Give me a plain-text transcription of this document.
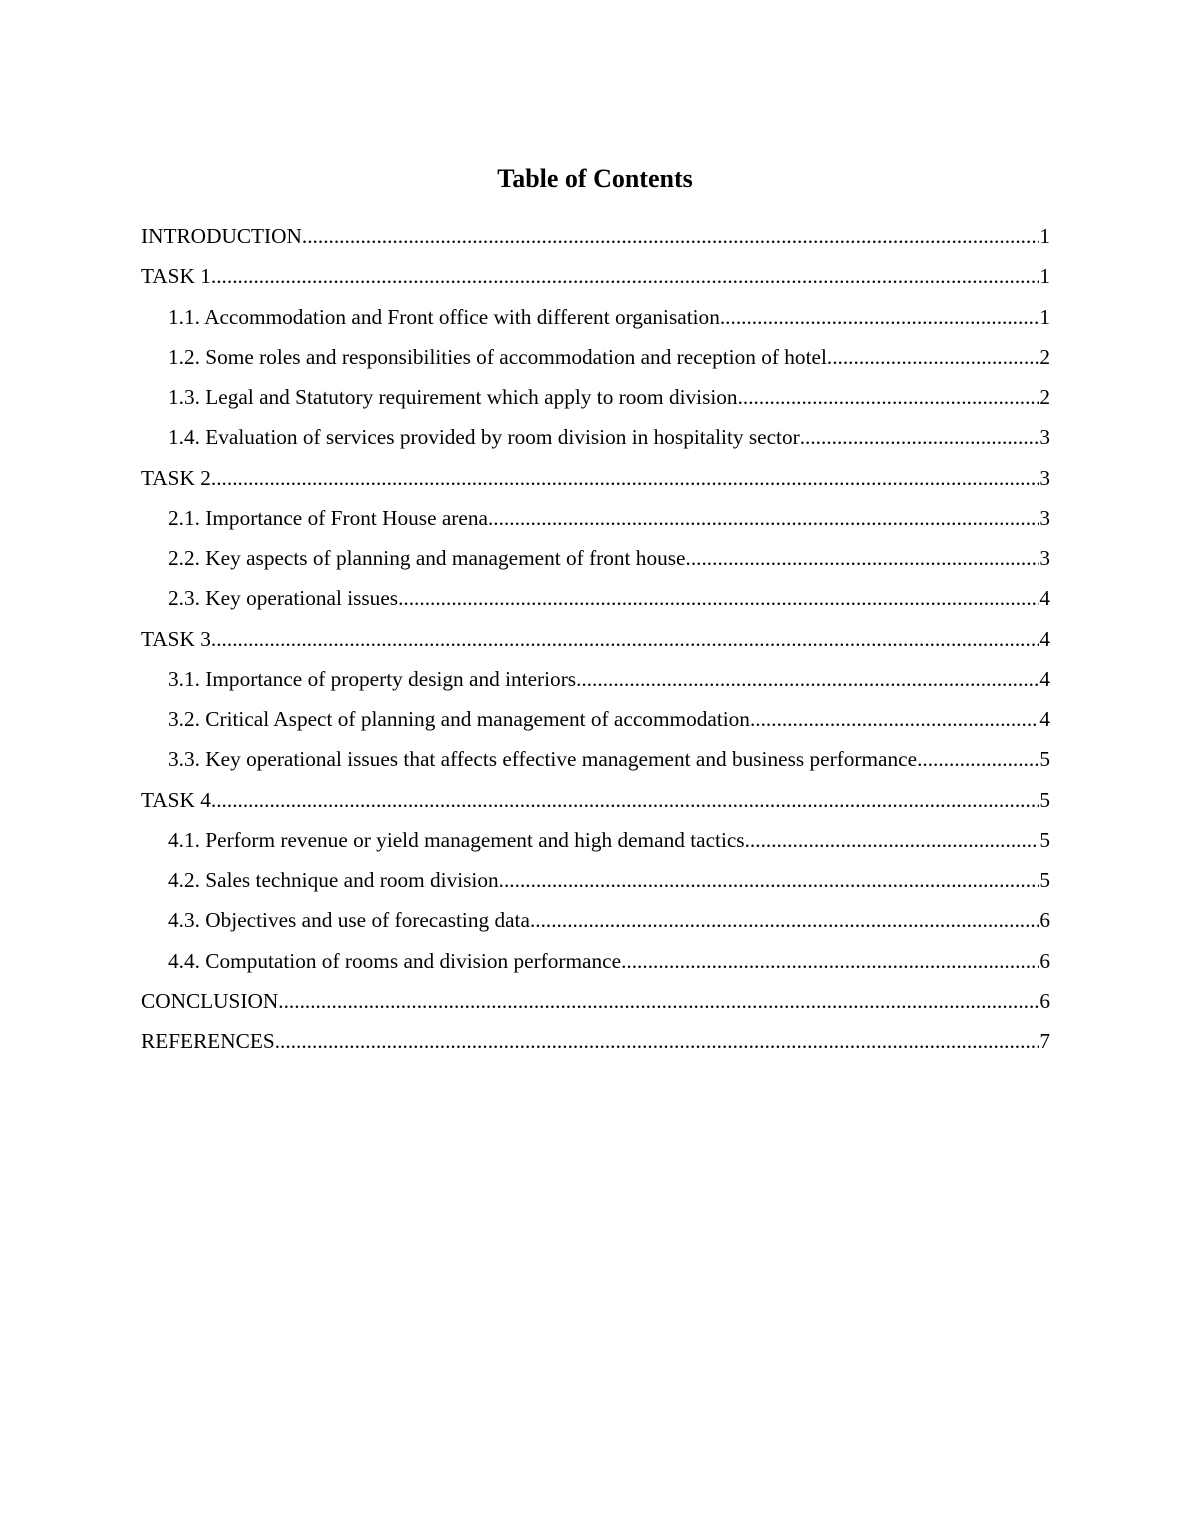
Table of Contents
INTRODUCTION .....	1
TASK 1 .....	1
1.1. Accommodation and Front office with different organisation .....	1
1.2. Some roles and responsibilities of accommodation and reception of hotel .....	2
1.3. Legal and Statutory requirement which apply to room division .....	2
1.4. Evaluation of services provided by room division in hospitality sector .....	3
TASK 2 .....	3
2.1. Importance of Front House arena .....	3
2.2. Key aspects of planning and management of front house .....	3
2.3. Key operational issues .....	4
TASK 3 .....	4
3.1. Importance of property design and interiors .....	4
3.2. Critical Aspect of planning and management of accommodation .....	4
3.3. Key operational issues that affects effective management and business performance .....	5
TASK 4 .....	5
4.1. Perform revenue or yield management and high demand tactics .....	5
4.2. Sales technique and room division .....	5
4.3. Objectives and use of forecasting data .....	6
4.4. Computation of rooms and division performance .....	6
CONCLUSION .....	6
REFERENCES .....	7
